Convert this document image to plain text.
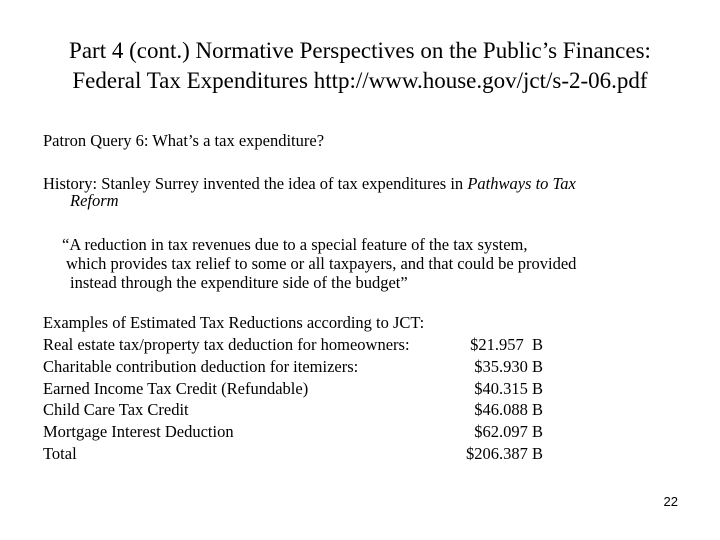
Part 4 (cont.) Normative Perspectives on the Public’s Finances:
Federal Tax Expenditures http://www.house.gov/jct/s-2-06.pdf
Patron Query 6: What’s a tax expenditure?
History: Stanley Surrey invented the idea of tax expenditures in Pathways to Tax
Reform
“A reduction in tax revenues due to a special feature of the tax system,
which provides tax relief to some or all taxpayers, and that could be provided
instead through the expenditure side of the budget”
Examples of Estimated Tax Reductions according to JCT:
Real estate tax/property tax deduction for homeowners:	$21.957  B
Charitable contribution deduction for itemizers:	$35.930 B
Earned Income Tax Credit (Refundable)	$40.315 B
Child Care Tax Credit	$46.088 B
Mortgage Interest Deduction	$62.097 B
Total	$206.387 B
22
